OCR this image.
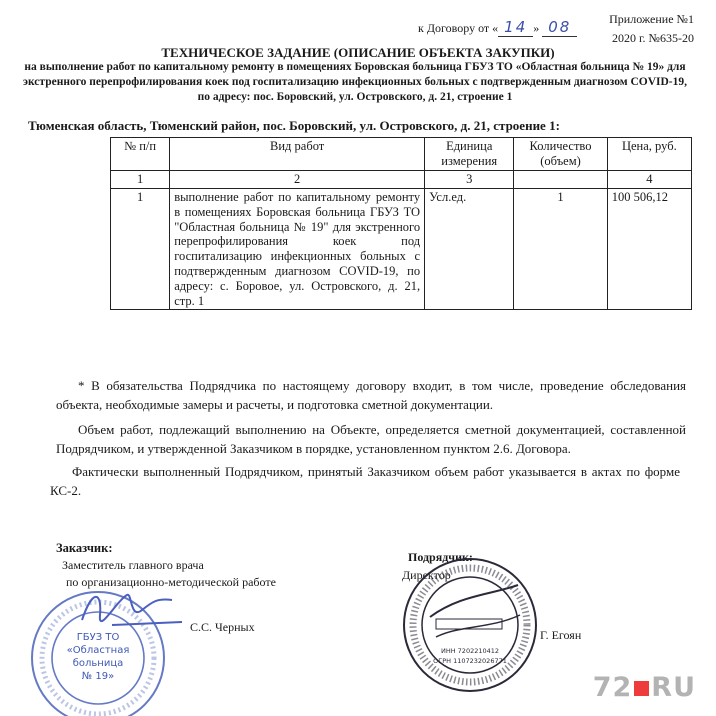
Приложение №1
2020 г. №635-20
к Договору от « 14 » 08
ТЕХНИЧЕСКОЕ ЗАДАНИЕ (ОПИСАНИЕ ОБЪЕКТА ЗАКУПКИ)
на выполнение работ по капитальному ремонту в помещениях Боровская больница ГБУЗ ТО «Областная больница № 19» для экстренного перепрофилирования коек под госпитализацию инфекционных больных с подтвержденным диагнозом COVID-19, по адресу: пос. Боровский, ул. Островского, д. 21, строение 1
Тюменская область, Тюменский район, пос. Боровский, ул. Островского, д. 21, строение 1:
№ п/п	Вид работ	Единица измерения	Количество (объем)	Цена, руб.
1	2	3		4
1	выполнение работ по капитальному ремонту в помещениях Боровская больница ГБУЗ ТО "Областная больница № 19" для экстренного перепрофилирования коек под госпитализацию инфекционных больных с подтвержденным диагнозом COVID-19, по адресу: с. Боровое, ул. Островского, д. 21, стр. 1	Усл.ед.	1	100 506,12
* В обязательства Подрядчика по настоящему договору входит, в том числе, проведение обследования объекта, необходимые замеры и расчеты, и подготовка сметной документации.
Объем работ, подлежащий выполнению на Объекте, определяется сметной документацией, составленной Подрядчиком, и утвержденной Заказчиком в порядке, установленном пунктом 2.6. Договора.
Фактически выполненный Подрядчиком, принятый Заказчиком объем работ указывается в актах по форме КС-2.
Заказчик:
Заместитель главного врача
по организационно-методической работе
С.С. Черных
ГБУЗ ТО
«Областная
больница
№ 19»
Подрядчик:
Директор
Г. Егоян
ИНН 7202210412
ОГРН 1107232026771
72 RU
